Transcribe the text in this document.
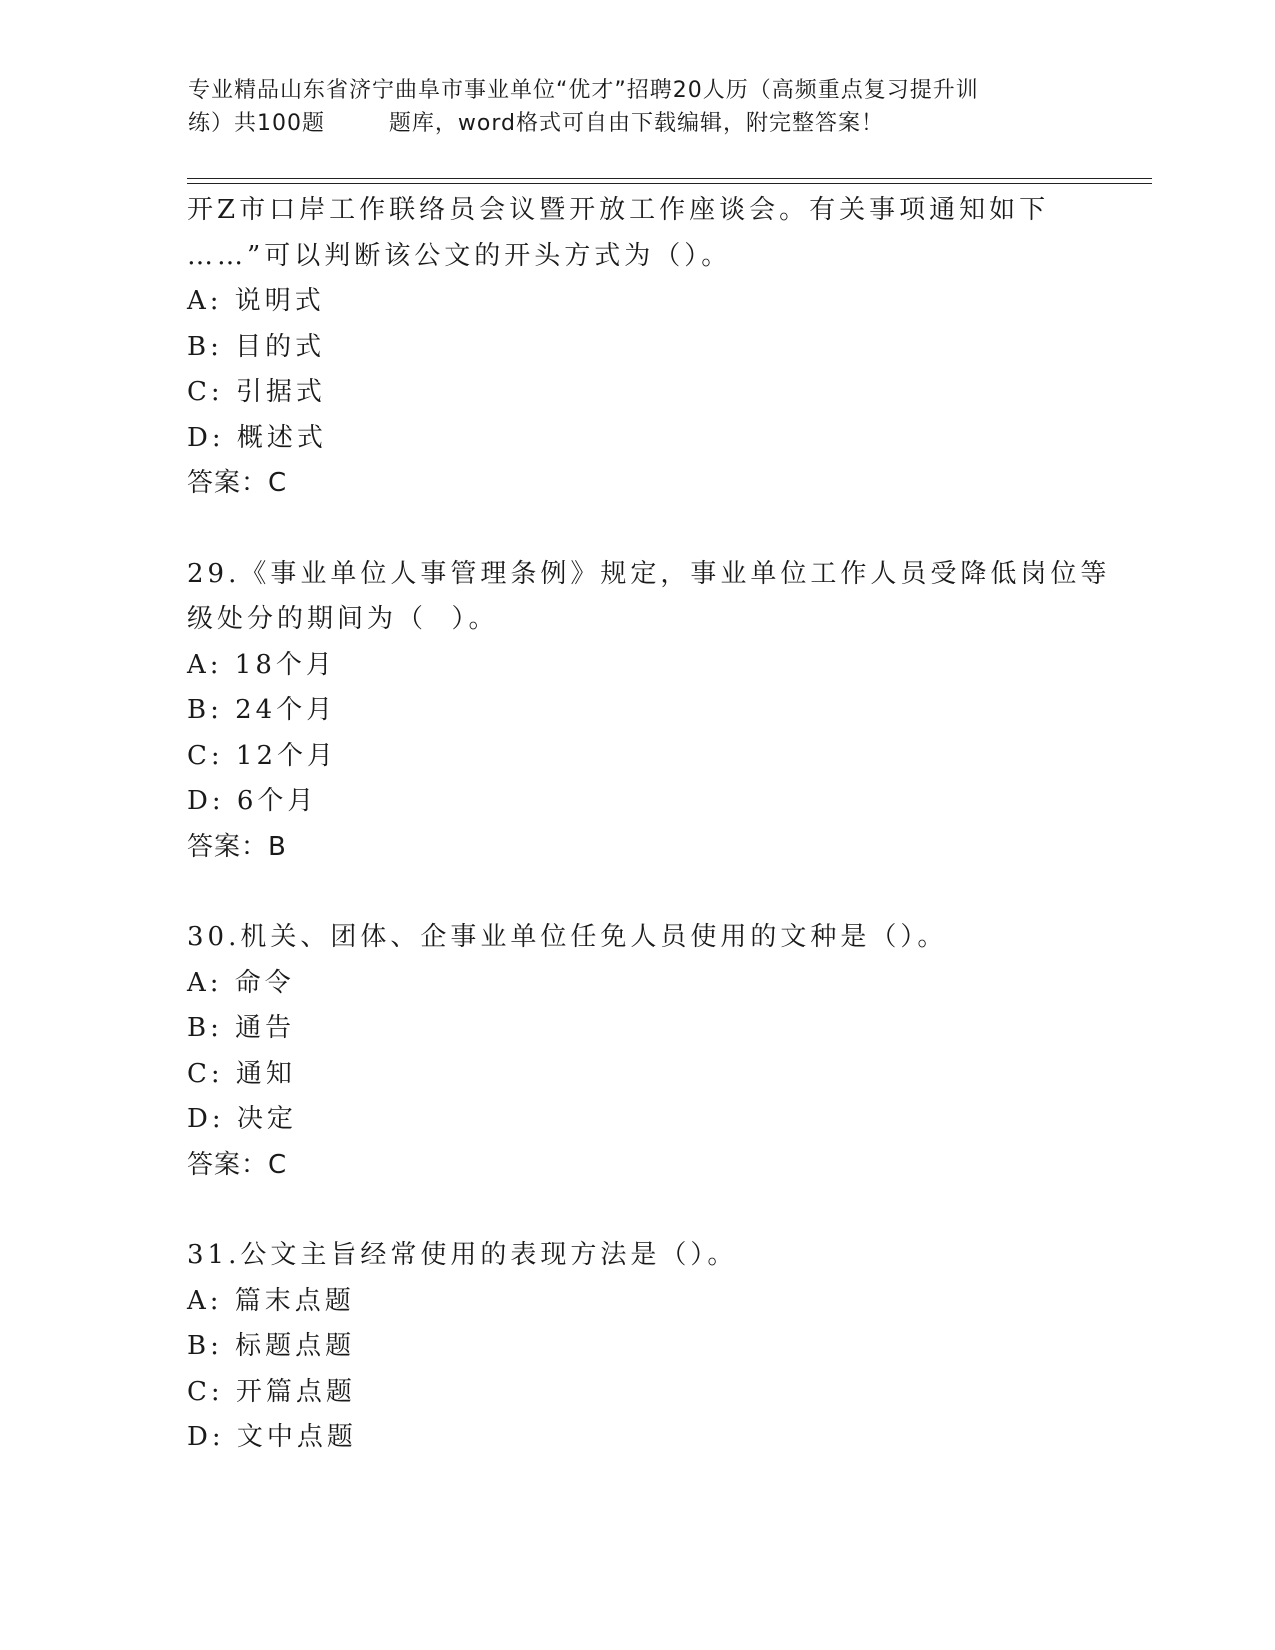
专业精品山东省济宁曲阜市事业单位“优才”招聘20人历（高频重点复习提升训
练）共100题        题库，word格式可自由下载编辑，附完整答案！
开Z市口岸工作联络员会议暨开放工作座谈会。有关事项通知如下
……”可以判断该公文的开头方式为（）。
A: 说明式
B: 目的式
C: 引据式
D: 概述式
答案：C
29.《事业单位人事管理条例》规定，事业单位工作人员受降低岗位等
级处分的期间为（  ）。
A: 18个月
B: 24个月
C: 12个月
D: 6个月
答案：B
30.机关、团体、企事业单位任免人员使用的文种是（）。
A: 命令
B: 通告
C: 通知
D: 决定
答案：C
31.公文主旨经常使用的表现方法是（）。
A: 篇末点题
B: 标题点题
C: 开篇点题
D: 文中点题
